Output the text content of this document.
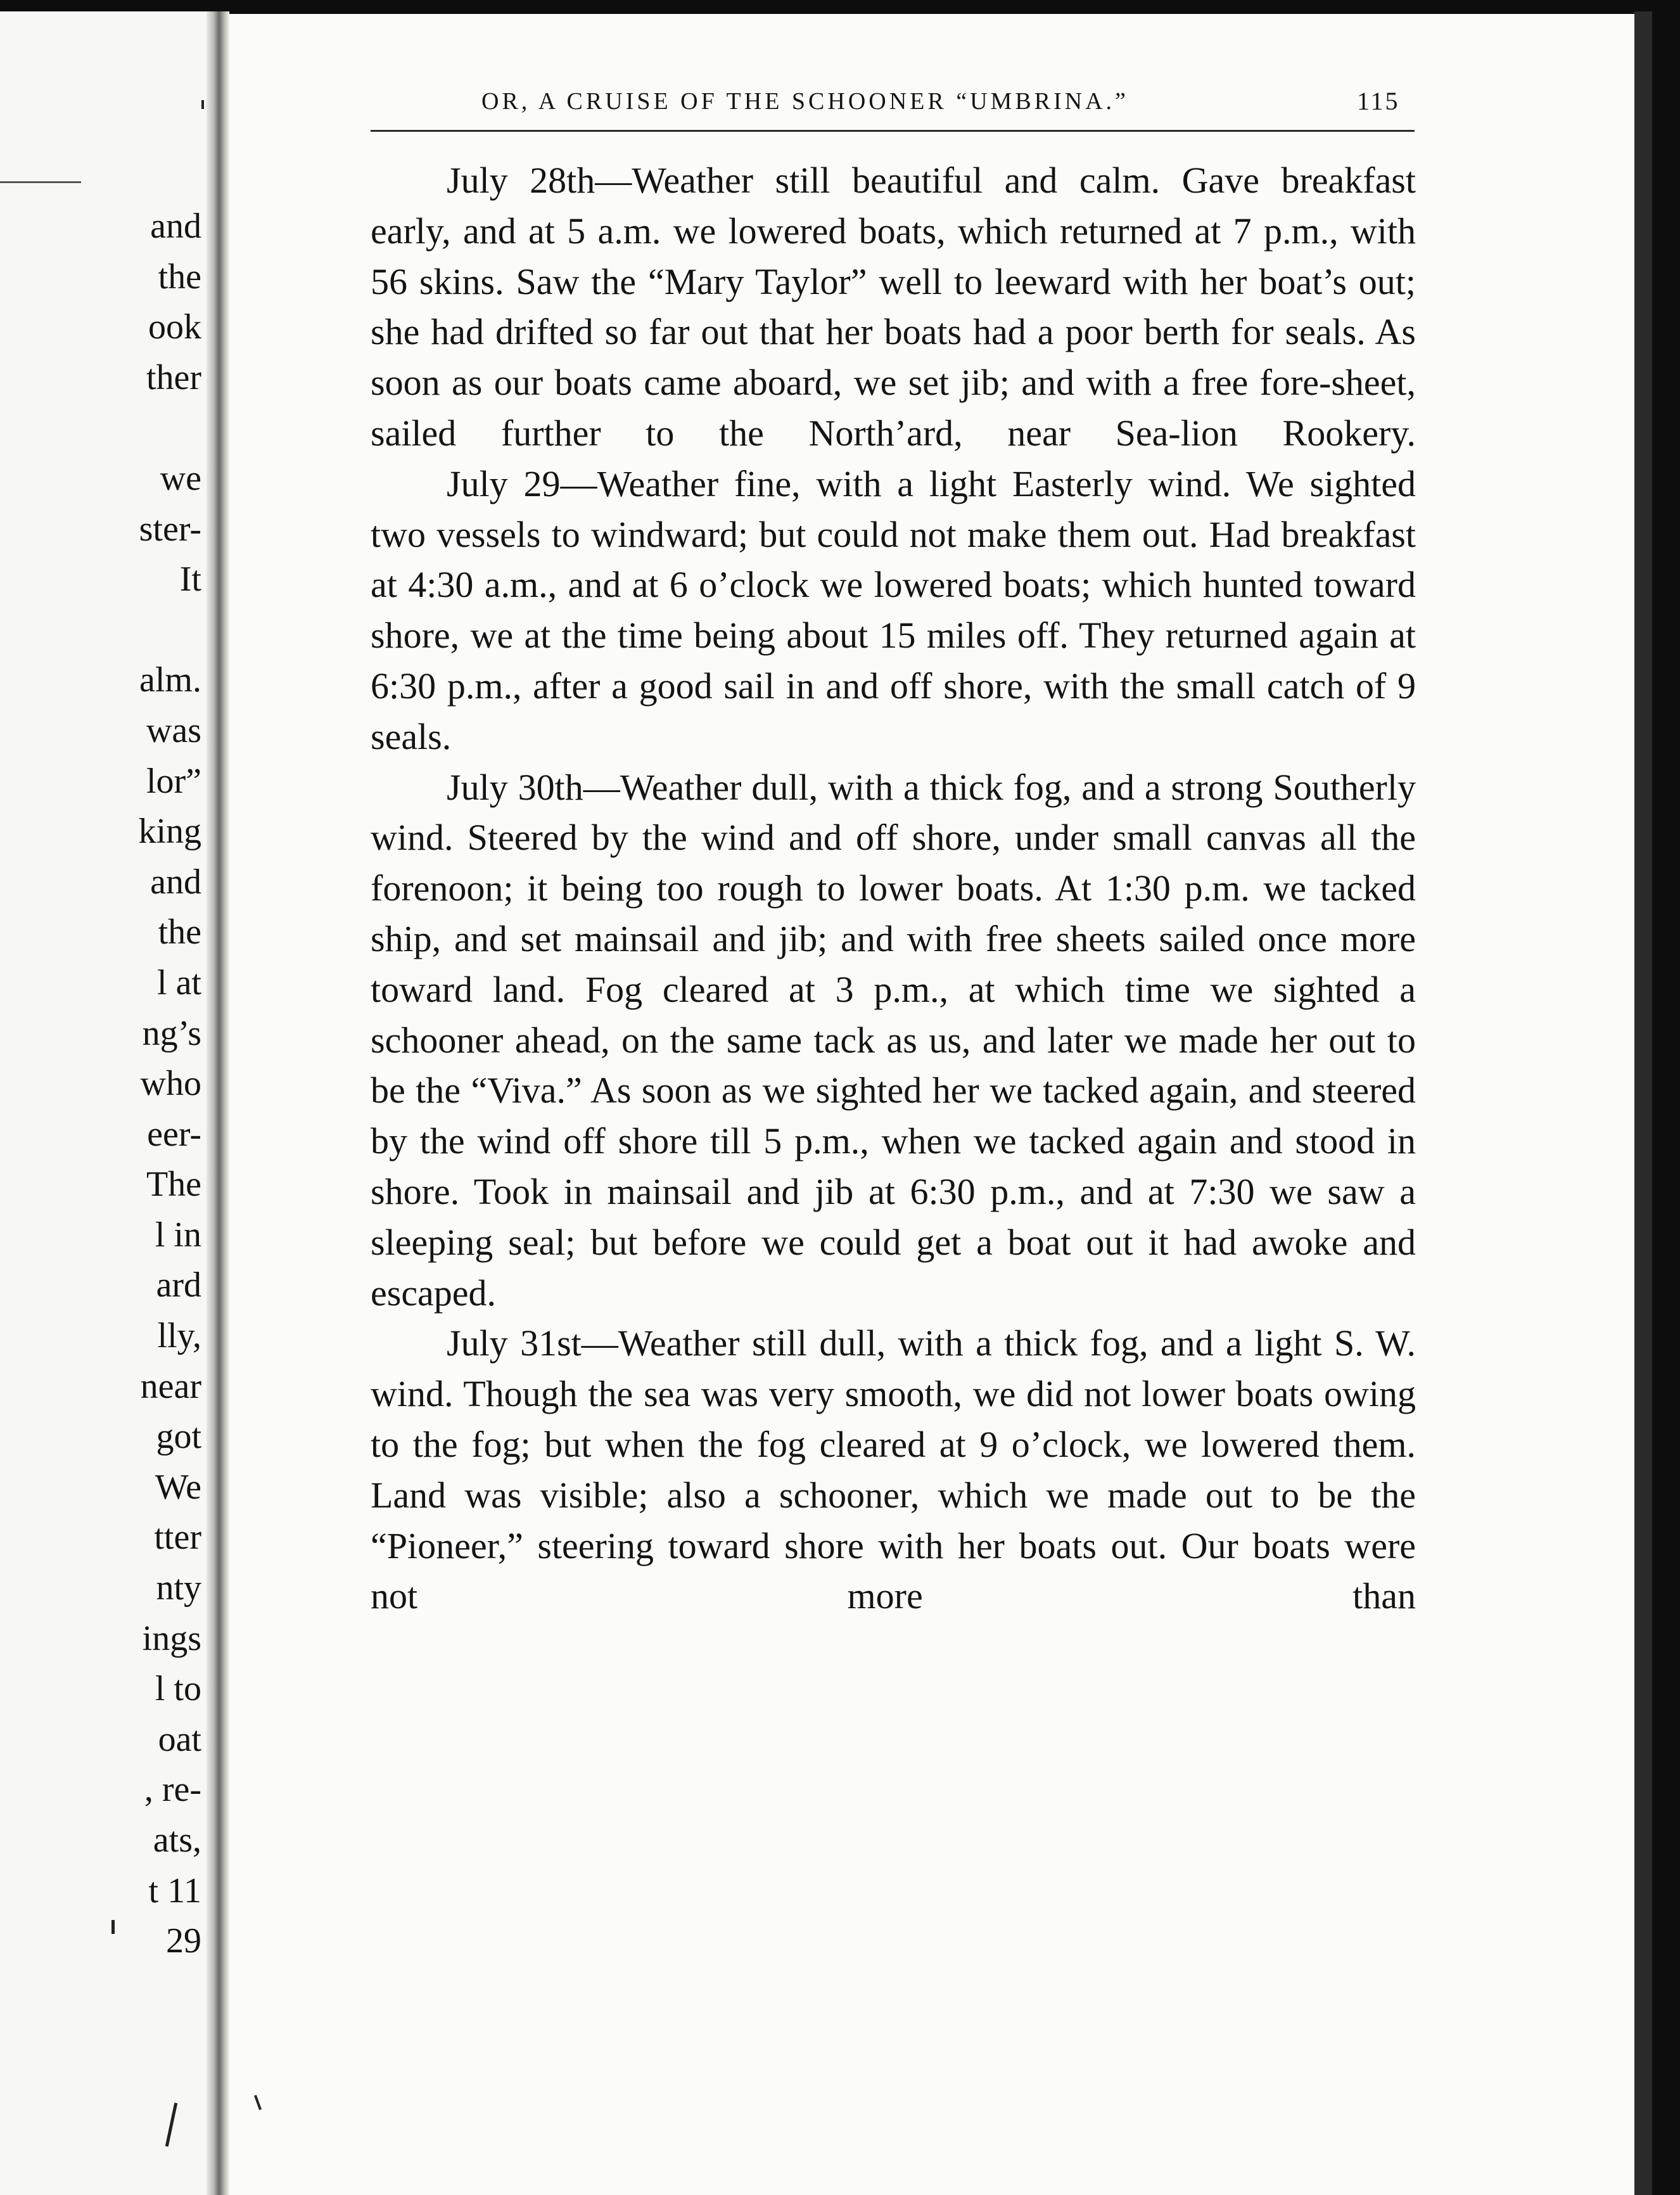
and
the
ook
ther
we
ster-
It
alm.
was
lor”
king
and
the
l at
ng’s
who
eer-
The
l in
ard
lly,
near
got
We
tter
nty
ings
l to
oat
, re-
ats,
t 11
29
OR, A CRUISE OF THE SCHOONER “UMBRINA.”	115

July 28th—Weather still beautiful and calm. Gave breakfast early, and at 5 a.m. we lowered boats, which returned at 7 p.m., with 56 skins. Saw the “Mary Taylor” well to leeward with her boat’s out; she had drifted so far out that her boats had a poor berth for seals. As soon as our boats came aboard, we set jib; and with a free fore-sheet, sailed further to the North’ard, near Sea-lion Rookery.

July 29—Weather fine, with a light Easterly wind. We sighted two vessels to windward; but could not make them out. Had breakfast at 4:30 a.m., and at 6 o’clock we lowered boats; which hunted toward shore, we at the time being about 15 miles off. They returned again at 6:30 p.m., after a good sail in and off shore, with the small catch of 9 seals.

July 30th—Weather dull, with a thick fog, and a strong Southerly wind. Steered by the wind and off shore, under small canvas all the forenoon; it being too rough to lower boats. At 1:30 p.m. we tacked ship, and set mainsail and jib; and with free sheets sailed once more toward land. Fog cleared at 3 p.m., at which time we sighted a schooner ahead, on the same tack as us, and later we made her out to be the “Viva.” As soon as we sighted her we tacked again, and steered by the wind off shore till 5 p.m., when we tacked again and stood in shore. Took in mainsail and jib at 6:30 p.m., and at 7:30 we saw a sleeping seal; but before we could get a boat out it had awoke and escaped.

July 31st—Weather still dull, with a thick fog, and a light S. W. wind. Though the sea was very smooth, we did not lower boats owing to the fog; but when the fog cleared at 9 o’clock, we lowered them. Land was visible; also a schooner, which we made out to be the “Pioneer,” steering toward shore with her boats out. Our boats were not more than
